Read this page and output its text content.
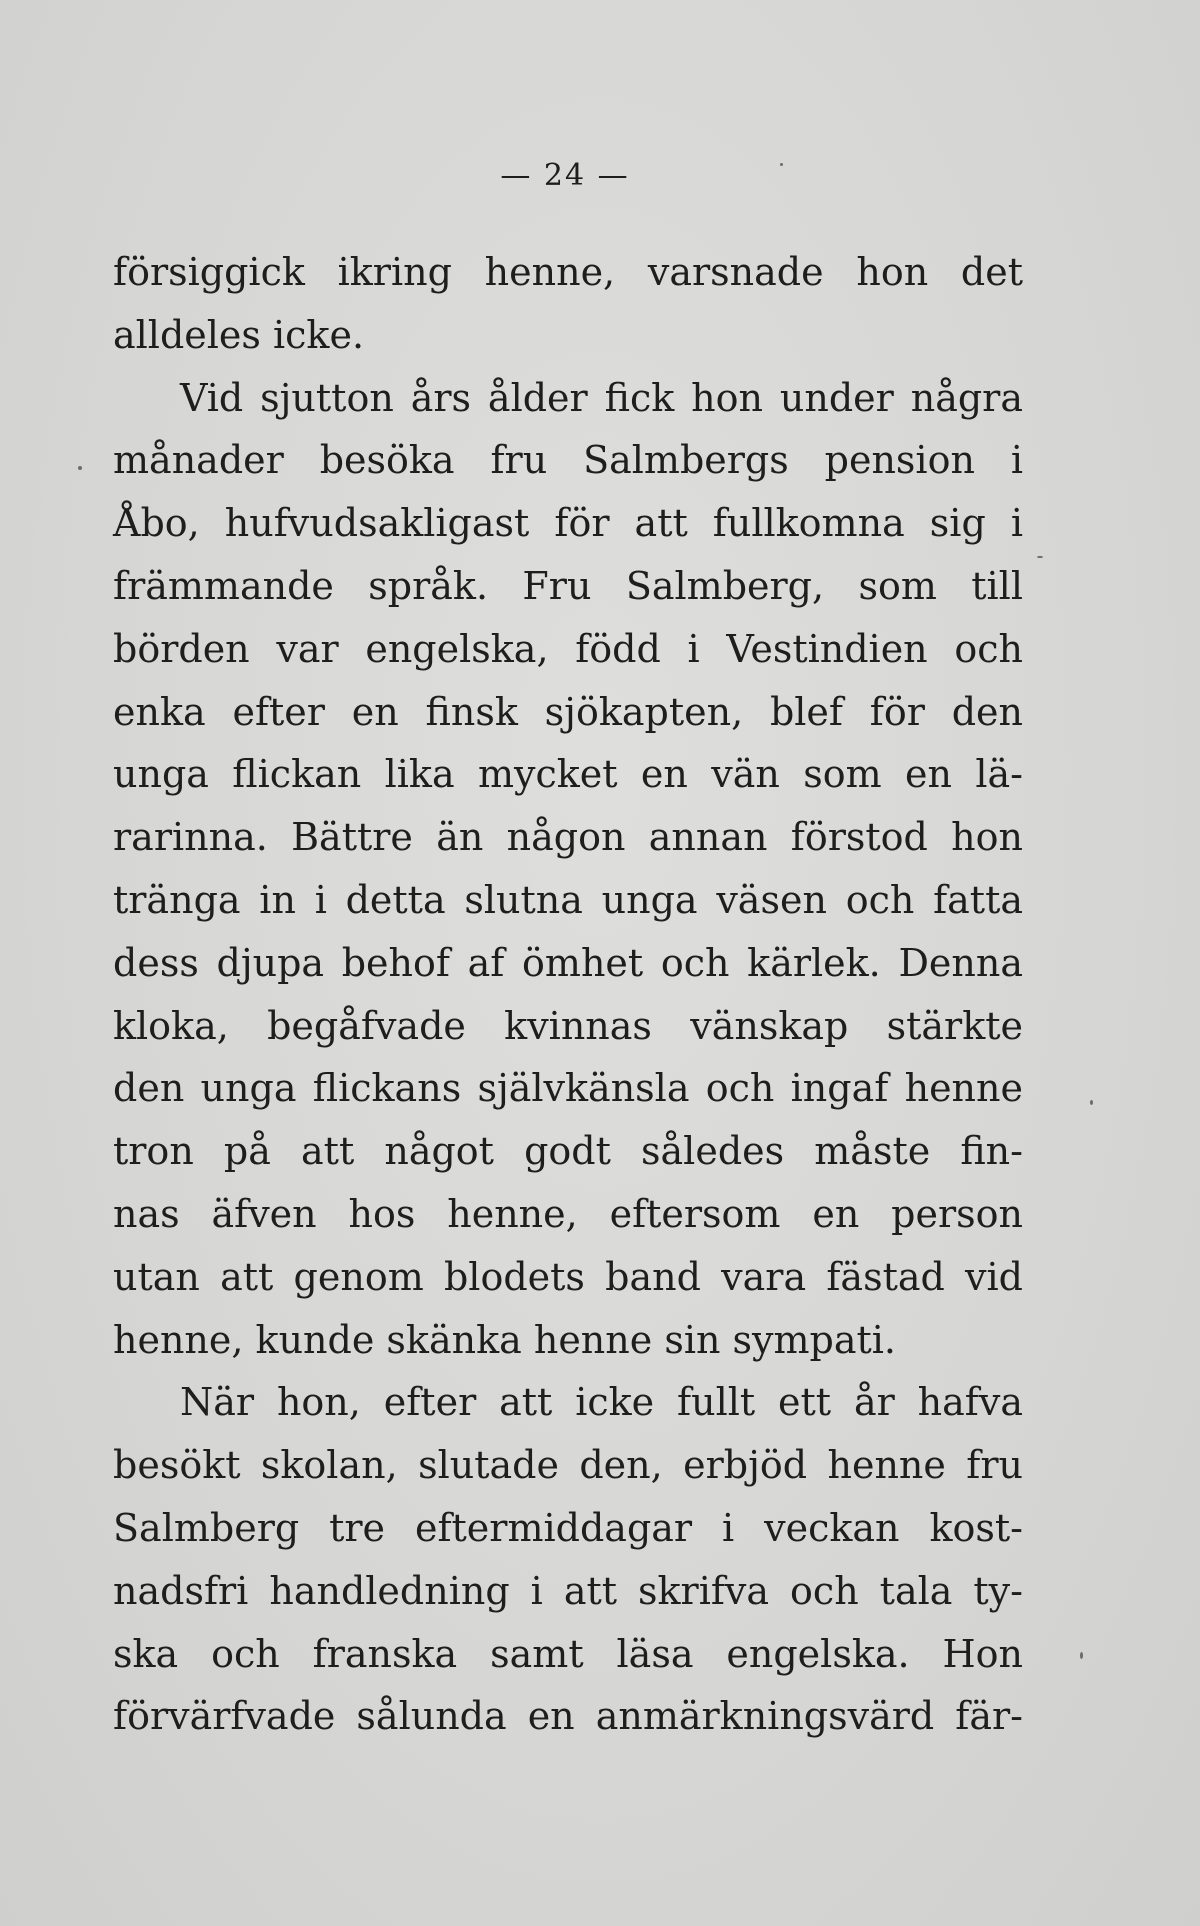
— 24 —
försiggick ikring henne, varsnade hon det
alldeles icke.
Vid sjutton års ålder fick hon under några
månader besöka fru Salmbergs pension i
Åbo, hufvudsakligast för att fullkomna sig i
främmande språk. Fru Salmberg, som till
börden var engelska, född i Vestindien och
enka efter en finsk sjökapten, blef för den
unga flickan lika mycket en vän som en lä-
rarinna. Bättre än någon annan förstod hon
tränga in i detta slutna unga väsen och fatta
dess djupa behof af ömhet och kärlek. Denna
kloka, begåfvade kvinnas vänskap stärkte
den unga flickans självkänsla och ingaf henne
tron på att något godt således måste fin-
nas äfven hos henne, eftersom en person
utan att genom blodets band vara fästad vid
henne, kunde skänka henne sin sympati.
När hon, efter att icke fullt ett år hafva
besökt skolan, slutade den, erbjöd henne fru
Salmberg tre eftermiddagar i veckan kost-
nadsfri handledning i att skrifva och tala ty-
ska och franska samt läsa engelska. Hon
förvärfvade sålunda en anmärkningsvärd fär-
